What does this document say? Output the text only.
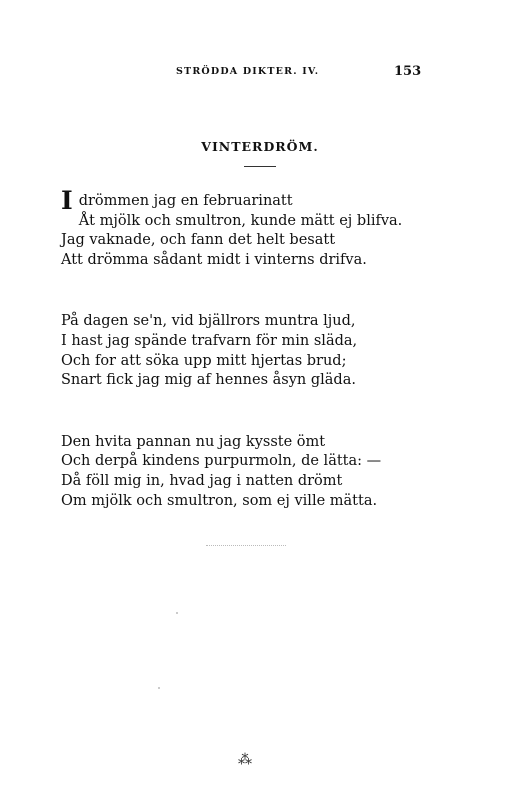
STRÖDDA DIKTER. IV.	153
VINTERDRÖM.
I drömmen jag en februarinatt
Åt mjölk och smultron, kunde mätt ej blifva.
Jag vaknade, och fann det helt besatt
Att drömma sådant midt i vinterns drifva.
På dagen se'n, vid bjällrors muntra ljud,
I hast jag spände trafvarn för min släda,
Och for att söka upp mitt hjertas brud;
Snart fick jag mig af hennes åsyn gläda.
Den hvita pannan nu jag kysste ömt
Och derpå kindens purpurmoln, de lätta: —
Då föll mig in, hvad jag i natten drömt
Om mjölk och smultron, som ej ville mätta.
⁂
